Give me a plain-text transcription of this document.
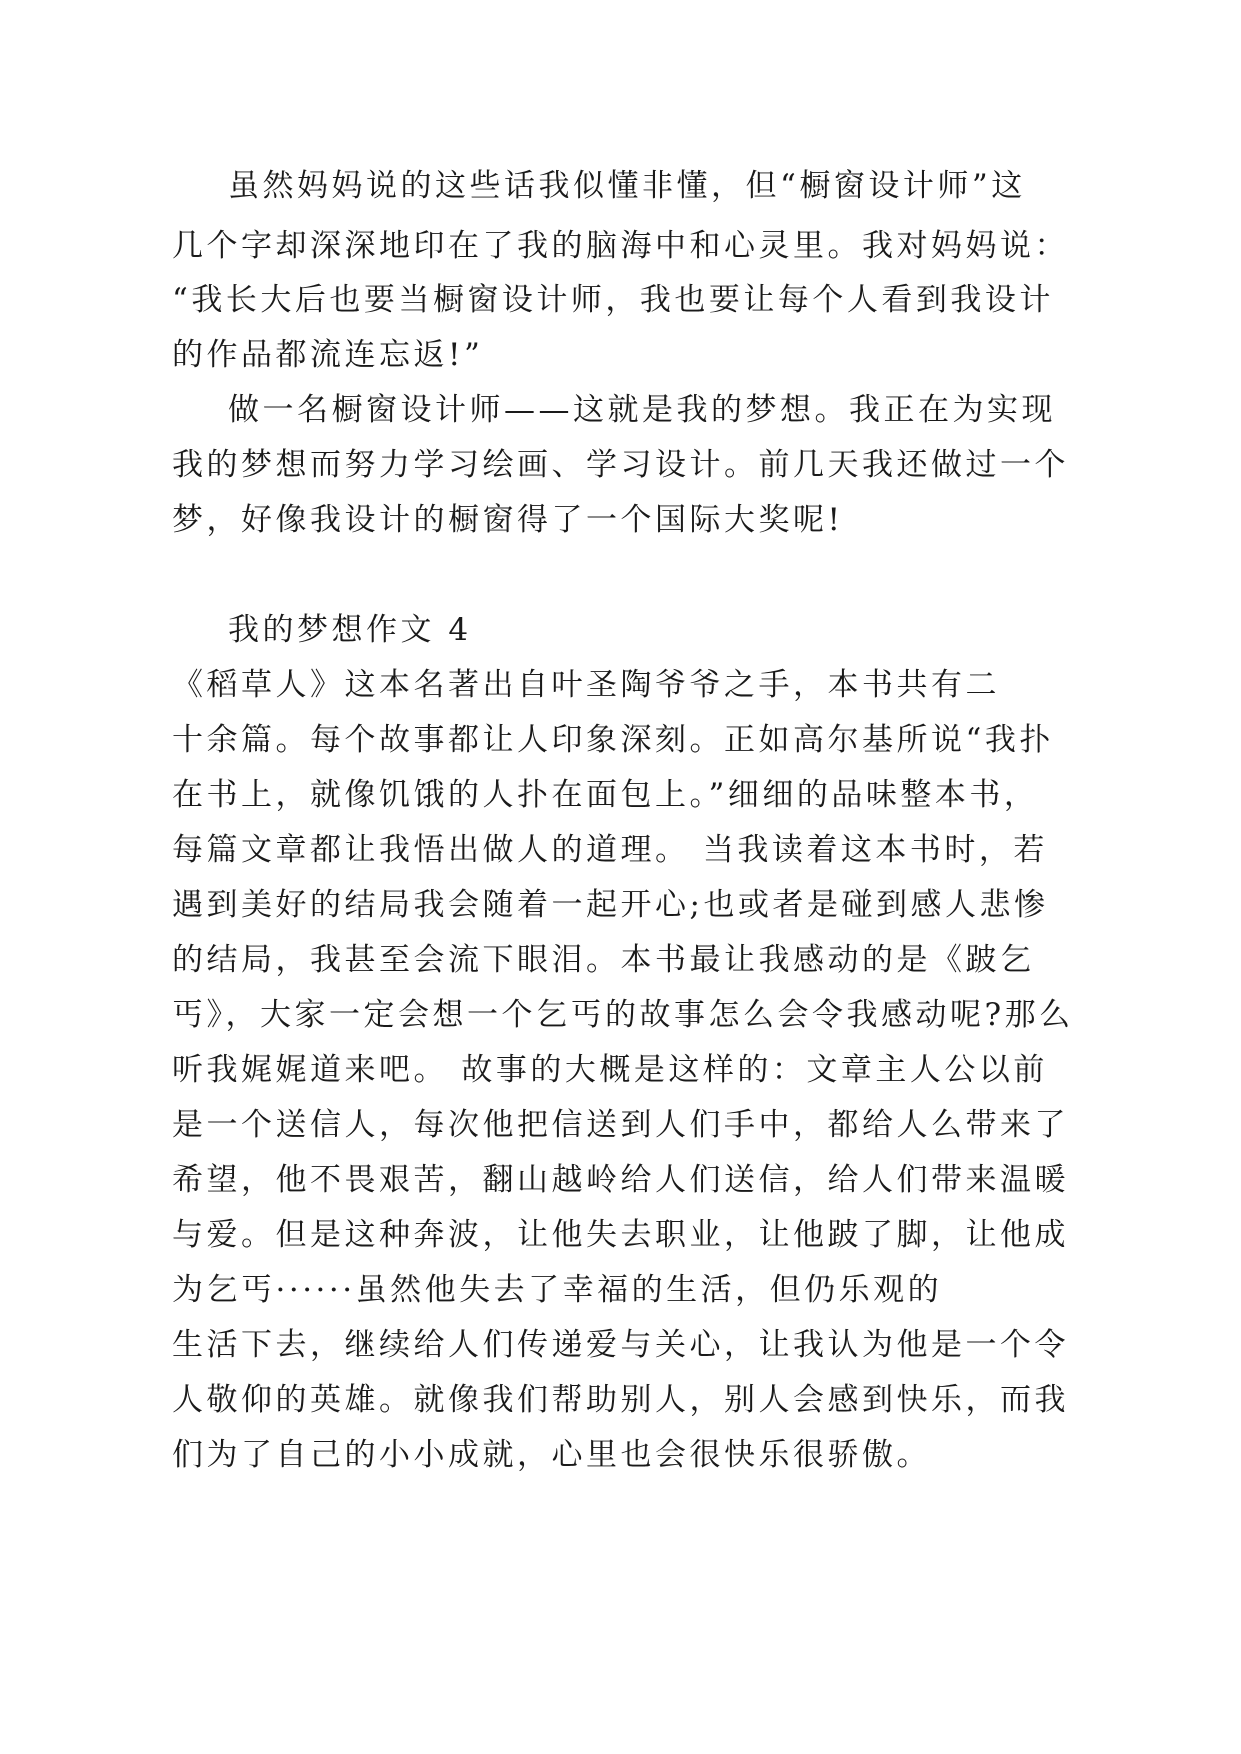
虽然妈妈说的这些话我似懂非懂，但“橱窗设计师”这
几个字却深深地印在了我的脑海中和心灵里。我对妈妈说：
“我长大后也要当橱窗设计师，我也要让每个人看到我设计
的作品都流连忘返!”
做一名橱窗设计师——这就是我的梦想。我正在为实现
我的梦想而努力学习绘画、学习设计。前几天我还做过一个
梦，好像我设计的橱窗得了一个国际大奖呢!
我的梦想作文 4
《稻草人》这本名著出自叶圣陶爷爷之手，本书共有二
十余篇。每个故事都让人印象深刻。正如高尔基所说“我扑
在书上，就像饥饿的人扑在面包上。”细细的品味整本书，
每篇文章都让我悟出做人的道理。 当我读着这本书时，若
遇到美好的结局我会随着一起开心;也或者是碰到感人悲惨
的结局，我甚至会流下眼泪。本书最让我感动的是《跛乞
丐》，大家一定会想一个乞丐的故事怎么会令我感动呢?那么
听我娓娓道来吧。 故事的大概是这样的：文章主人公以前
是一个送信人，每次他把信送到人们手中，都给人么带来了
希望，他不畏艰苦，翻山越岭给人们送信，给人们带来温暖
与爱。但是这种奔波，让他失去职业，让他跛了脚，让他成
为乞丐······虽然他失去了幸福的生活，但仍乐观的
生活下去，继续给人们传递爱与关心，让我认为他是一个令
人敬仰的英雄。就像我们帮助别人，别人会感到快乐，而我
们为了自己的小小成就，心里也会很快乐很骄傲。
